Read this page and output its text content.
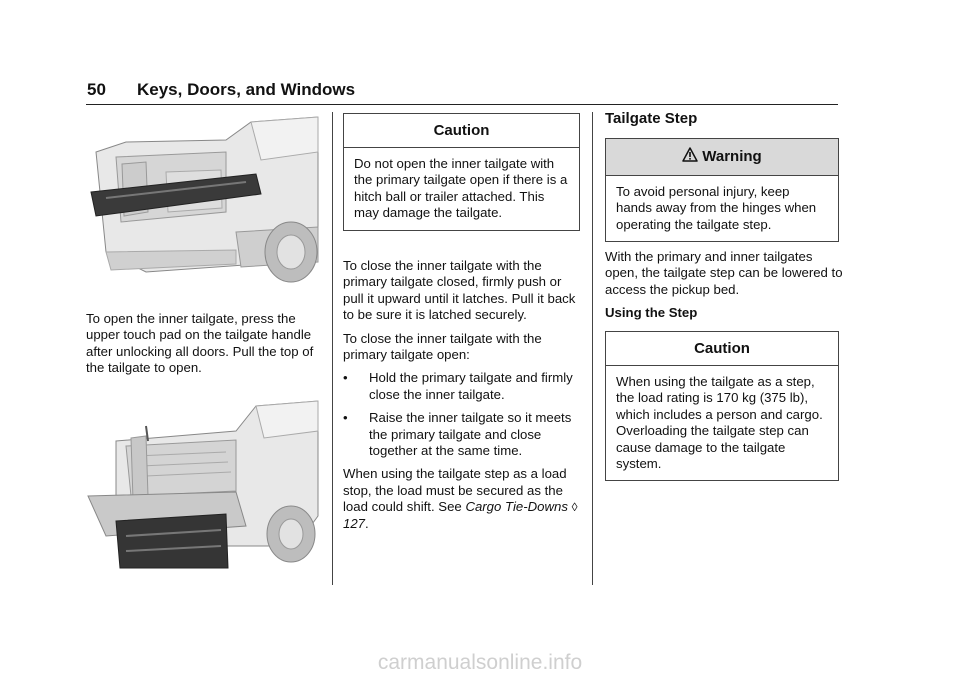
50 Keys, Doors, and Windows

To open the inner tailgate, press the upper touch pad on the tailgate handle after unlocking all doors. Pull the top of the tailgate to open.

Caution
Do not open the inner tailgate with the primary tailgate open if there is a hitch ball or trailer attached. This may damage the tailgate.

To close the inner tailgate with the primary tailgate closed, firmly push or pull it upward until it latches. Pull it back to be sure it is latched securely.

To close the inner tailgate with the primary tailgate open:

•	Hold the primary tailgate and firmly close the inner tailgate.
•	Raise the inner tailgate so it meets the primary tailgate and close together at the same time.

When using the tailgate step as a load stop, the load must be secured as the load could shift. See Cargo Tie-Downs ◊ 127.

Tailgate Step
Warning
To avoid personal injury, keep hands away from the hinges when operating the tailgate step.

With the primary and inner tailgates open, the tailgate step can be lowered to access the pickup bed.

Using the Step

Caution
When using the tailgate as a step, the load rating is 170 kg (375 lb), which includes a person and cargo. Overloading the tailgate step can cause damage to the tailgate system.
carmanualsonline.info
